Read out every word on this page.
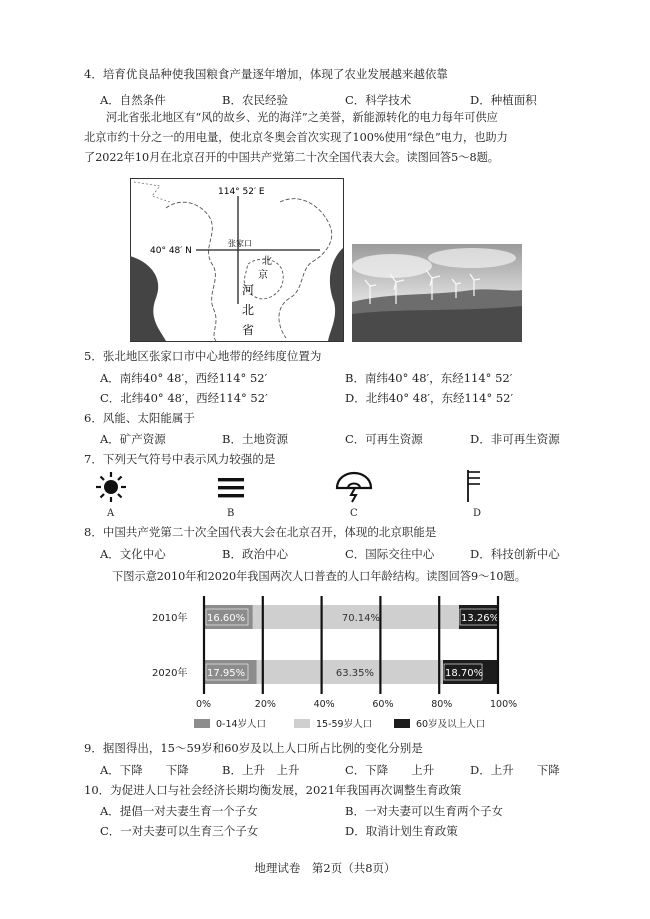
4．培育优良品种使我国粮食产量逐年增加，体现了农业发展越来越依靠
A．自然条件	B．农民经验	C．科学技术	D．种植面积
河北省张北地区有“风的故乡、光的海洋”之美誉，新能源转化的电力每年可供应
北京市约十分之一的用电量，使北京冬奥会首次实现了100%使用“绿色”电力，也助力
了2022年10月在北京召开的中国共产党第二十次全国代表大会。读图回答5～8题。
114° 52′ E
40° 48′ N
张家口
北
京
河
北
省
5．张北地区张家口市中心地带的经纬度位置为
A．南纬40° 48′，西经114° 52′	B．南纬40° 48′，东经114° 52′
C．北纬40° 48′，西经114° 52′	D．北纬40° 48′，东经114° 52′
6．风能、太阳能属于
A．矿产资源	B．土地资源	C．可再生资源	D．非可再生资源
7．下列天气符号中表示风力较强的是
A	B	C	D
8．中国共产党第二十次全国代表大会在北京召开，体现的北京职能是
A．文化中心	B．政治中心	C．国际交往中心	D．科技创新中心
下图示意2010年和2020年我国两次人口普查的人口年龄结构。读图回答9～10题。
2010年 16.60%	70.14%	13.26%
2020年 17.95%	63.35%	18.70%
0%	20%	40%	60%	80%	100%
0-14岁人口	15-59岁人口	60岁及以上人口
9．据图得出，15～59岁和60岁及以上人口所占比例的变化分别是
A．下降　　下降	B．上升　上升	C．下降　　上升	D．上升　　下降
10．为促进人口与社会经济长期均衡发展，2021年我国再次调整生育政策
A．提倡一对夫妻生育一个子女	B．一对夫妻可以生育两个子女
C．一对夫妻可以生育三个子女	D．取消计划生育政策
地理试卷　第2页（共8页）
